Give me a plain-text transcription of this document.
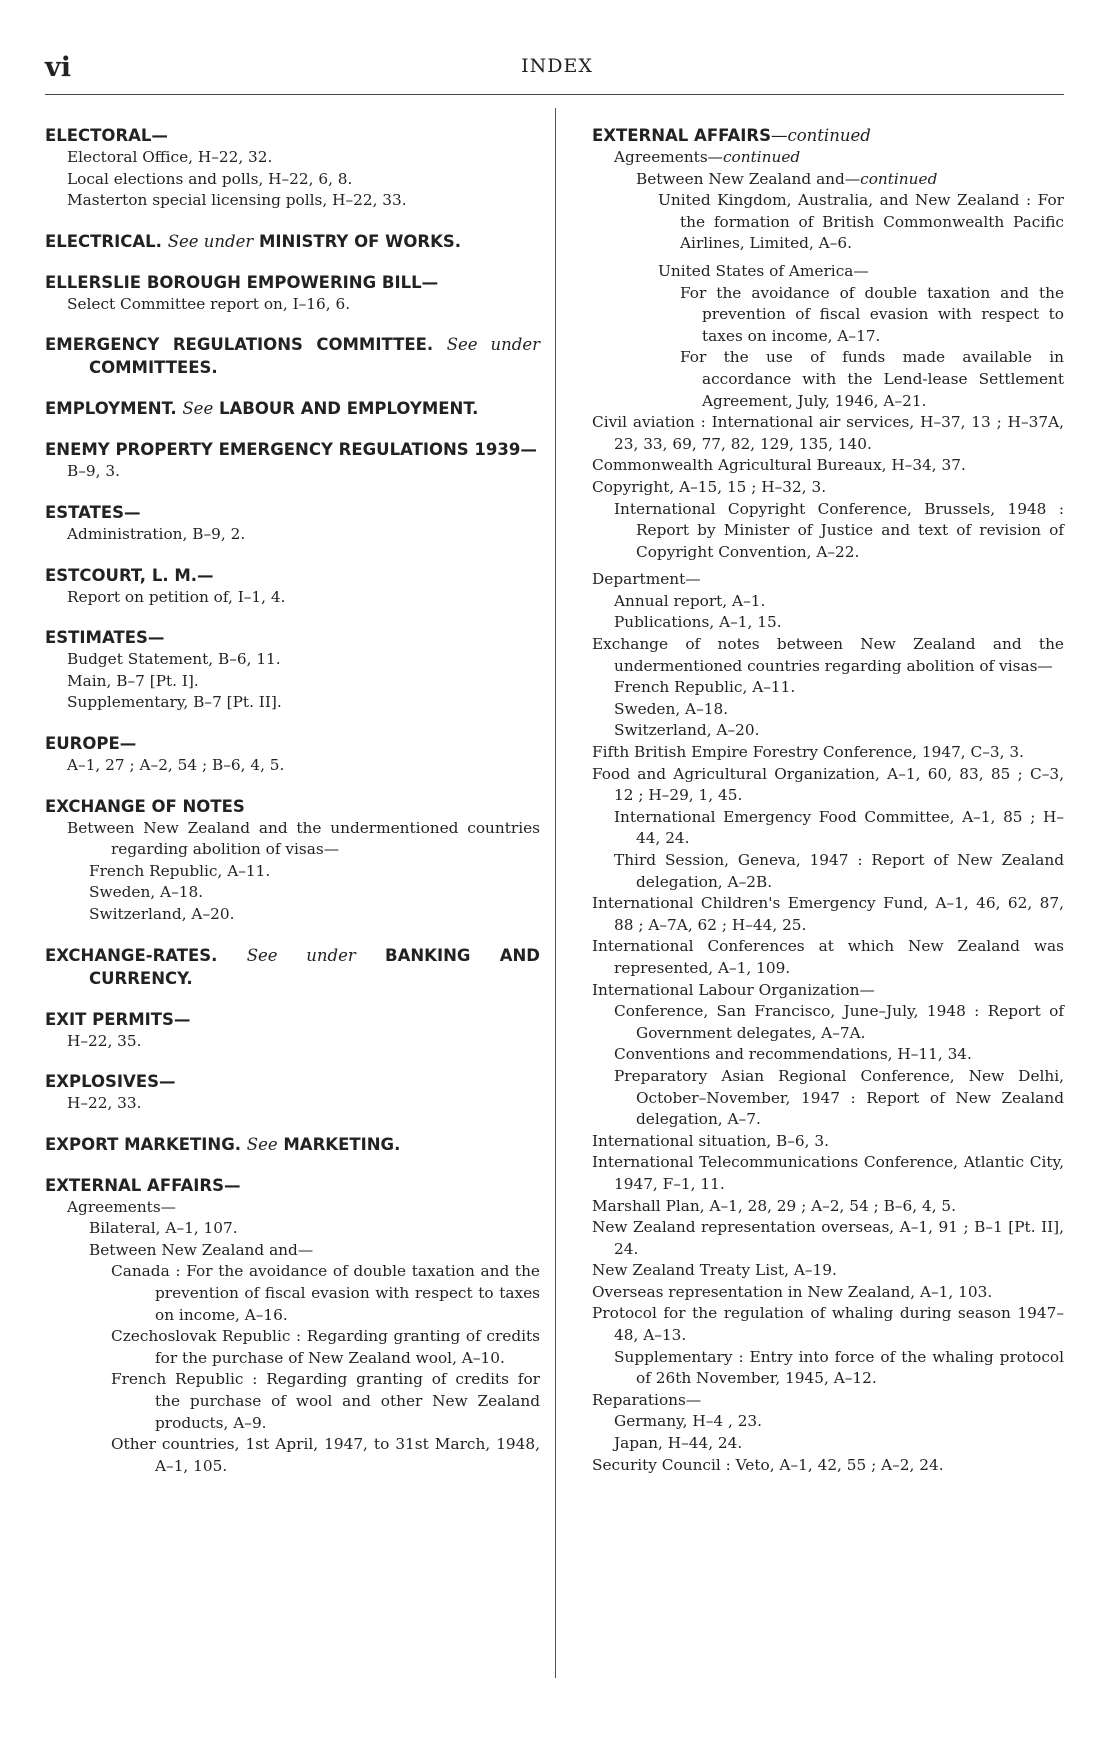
vi	INDEX

ELECTORAL—

Electoral Office, H–22, 32.

Local elections and polls, H–22, 6, 8.

Masterton special licensing polls, H–22, 33.

ELECTRICAL. See under MINISTRY OF WORKS.

ELLERSLIE BOROUGH EMPOWERING BILL—

Select Committee report on, I–16, 6.

EMERGENCY REGULATIONS COMMITTEE. See under COMMITTEES.

EMPLOYMENT. See LABOUR AND EMPLOYMENT.

ENEMY PROPERTY EMERGENCY REGULATIONS 1939—

B–9, 3.

ESTATES—

Administration, B–9, 2.

ESTCOURT, L. M.—

Report on petition of, I–1, 4.

ESTIMATES—

Budget Statement, B–6, 11.

Main, B–7 [Pt. I].

Supplementary, B–7 [Pt. II].

EUROPE—

A–1, 27 ; A–2, 54 ; B–6, 4, 5.

EXCHANGE OF NOTES

Between New Zealand and the undermentioned countries regarding abolition of visas—

French Republic, A–11.

Sweden, A–18.

Switzerland, A–20.

EXCHANGE-RATES. See under BANKING AND CURRENCY.

EXIT PERMITS—

H–22, 35.

EXPLOSIVES—

H–22, 33.

EXPORT MARKETING. See MARKETING.

EXTERNAL AFFAIRS—

Agreements—

Bilateral, A–1, 107.

Between New Zealand and—

Canada : For the avoidance of double taxation and the prevention of fiscal evasion with respect to taxes on income, A–16.

Czechoslovak Republic : Regarding granting of credits for the purchase of New Zealand wool, A–10.

French Republic : Regarding granting of credits for the purchase of wool and other New Zealand products, A–9.

Other countries, 1st April, 1947, to 31st March, 1948, A–1, 105.

EXTERNAL AFFAIRS—continued

Agreements—continued

Between New Zealand and—continued

United Kingdom, Australia, and New Zealand : For the formation of British Commonwealth Pacific Airlines, Limited, A–6.

United States of America—

For the avoidance of double taxation and the prevention of fiscal evasion with respect to taxes on income, A–17.

For the use of funds made available in accordance with the Lend-lease Settlement Agreement, July, 1946, A–21.

Civil aviation : International air services, H–37, 13 ; H–37A, 23, 33, 69, 77, 82, 129, 135, 140.

Commonwealth Agricultural Bureaux, H–34, 37.

Copyright, A–15, 15 ; H–32, 3.

International Copyright Conference, Brussels, 1948 : Report by Minister of Justice and text of revision of Copyright Convention, A–22.

Department—

Annual report, A–1.

Publications, A–1, 15.

Exchange of notes between New Zealand and the undermentioned countries regarding abolition of visas—

French Republic, A–11.

Sweden, A–18.

Switzerland, A–20.

Fifth British Empire Forestry Conference, 1947, C–3, 3.

Food and Agricultural Organization, A–1, 60, 83, 85 ; C–3, 12 ; H–29, 1, 45.

International Emergency Food Committee, A–1, 85 ; H–44, 24.

Third Session, Geneva, 1947 : Report of New Zealand delegation, A–2B.

International Children's Emergency Fund, A–1, 46, 62, 87, 88 ; A–7A, 62 ; H–44, 25.

International Conferences at which New Zealand was represented, A–1, 109.

International Labour Organization—

Conference, San Francisco, June–July, 1948 : Report of Government delegates, A–7A.

Conventions and recommendations, H–11, 34.

Preparatory Asian Regional Conference, New Delhi, October–November, 1947 : Report of New Zealand delegation, A–7.

International situation, B–6, 3.

International Telecommunications Conference, Atlantic City, 1947, F–1, 11.

Marshall Plan, A–1, 28, 29 ; A–2, 54 ; B–6, 4, 5.

New Zealand representation overseas, A–1, 91 ; B–1 [Pt. II], 24.

New Zealand Treaty List, A–19.

Overseas representation in New Zealand, A–1, 103.

Protocol for the regulation of whaling during season 1947–48, A–13.

Supplementary : Entry into force of the whaling protocol of 26th November, 1945, A–12.

Reparations—

Germany, H–4 , 23.

Japan, H–44, 24.

Security Council : Veto, A–1, 42, 55 ; A–2, 24.
